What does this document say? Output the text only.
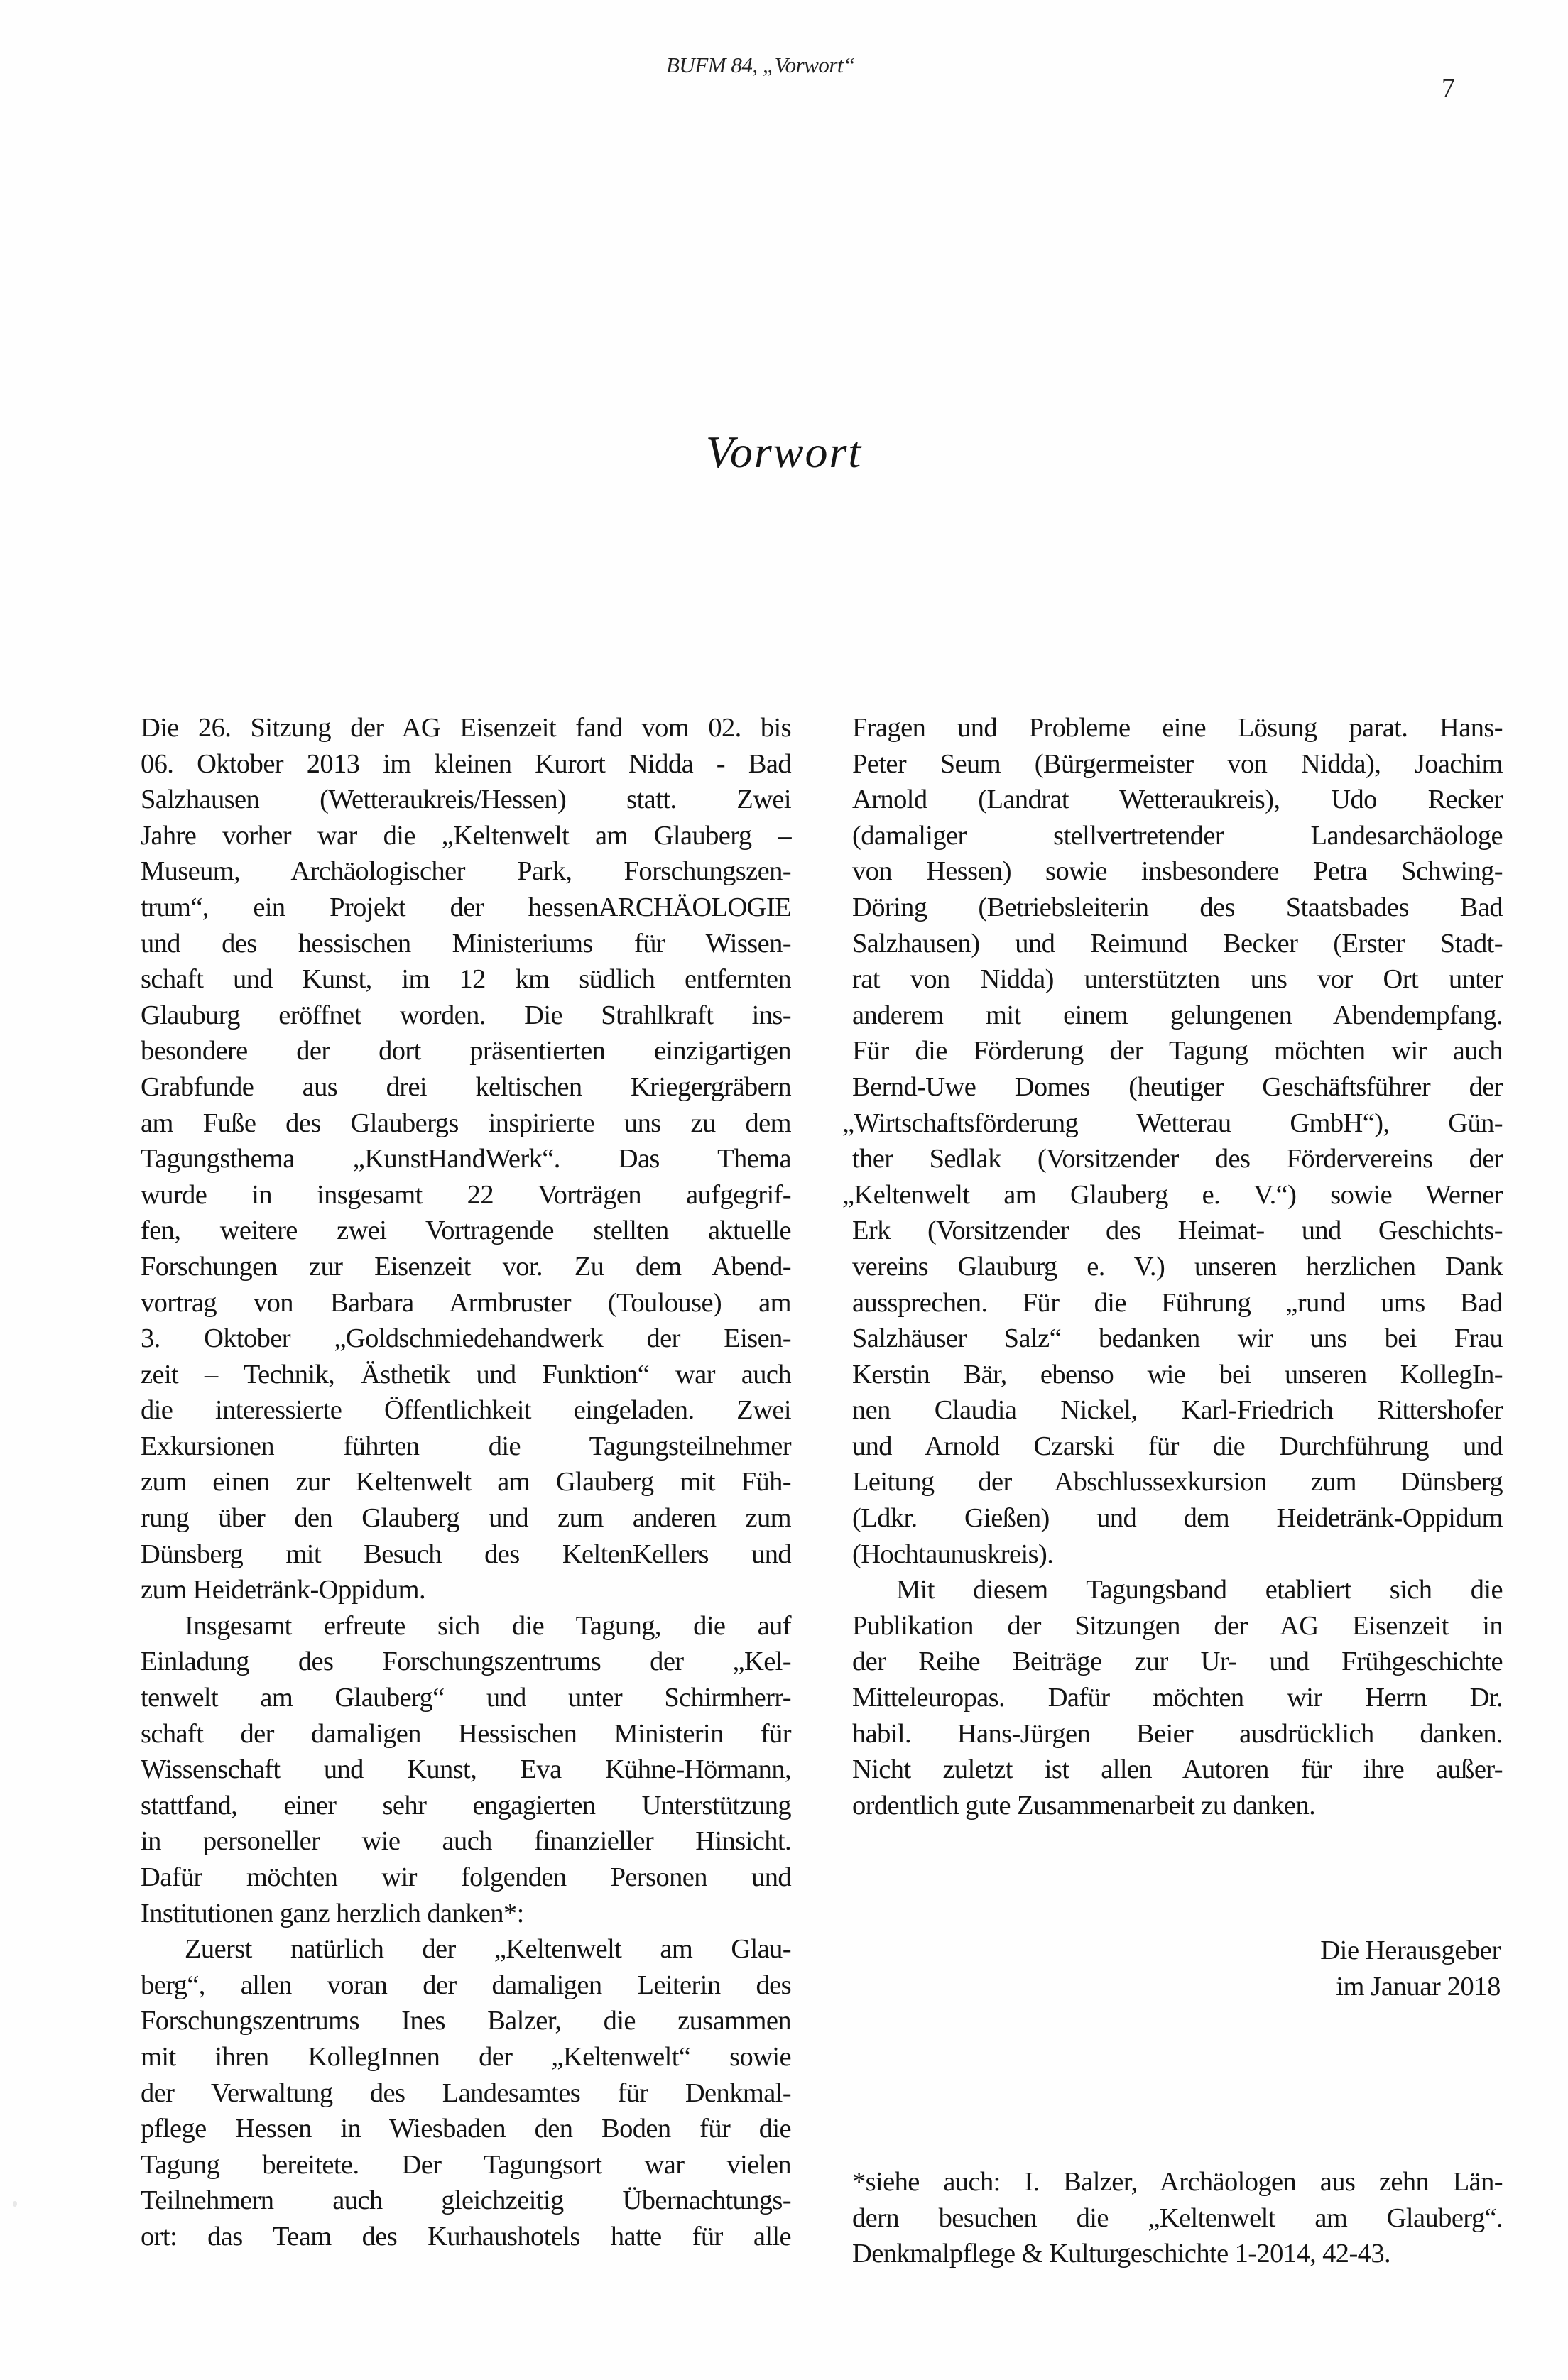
BUFM 84, „Vorwort“
7
Vorwort
Die 26. Sitzung der AG Eisenzeit fand vom 02. bis
06. Oktober 2013 im kleinen Kurort Nidda - Bad
Salzhausen (Wetteraukreis/Hessen) statt. Zwei
Jahre vorher war die „Keltenwelt am Glauberg –
Museum, Archäologischer Park, Forschungszen-
trum“, ein Projekt der hessenARCHÄOLOGIE
und des hessischen Ministeriums für Wissen-
schaft und Kunst, im 12 km südlich entfernten
Glauburg eröffnet worden. Die Strahlkraft ins-
besondere der dort präsentierten einzigartigen
Grabfunde aus drei keltischen Kriegergräbern
am Fuße des Glaubergs inspirierte uns zu dem
Tagungsthema „KunstHandWerk“. Das Thema
wurde in insgesamt 22 Vorträgen aufgegrif-
fen, weitere zwei Vortragende stellten aktuelle
Forschungen zur Eisenzeit vor. Zu dem Abend-
vortrag von Barbara Armbruster (Toulouse) am
3. Oktober „Goldschmiedehandwerk der Eisen-
zeit – Technik, Ästhetik und Funktion“ war auch
die interessierte Öffentlichkeit eingeladen. Zwei
Exkursionen führten die Tagungsteilnehmer
zum einen zur Keltenwelt am Glauberg mit Füh-
rung über den Glauberg und zum anderen zum
Dünsberg mit Besuch des KeltenKellers und
zum Heidetränk-Oppidum.
Insgesamt erfreute sich die Tagung, die auf
Einladung des Forschungszentrums der „Kel-
tenwelt am Glauberg“ und unter Schirmherr-
schaft der damaligen Hessischen Ministerin für
Wissenschaft und Kunst, Eva Kühne-Hörmann,
stattfand, einer sehr engagierten Unterstützung
in personeller wie auch finanzieller Hinsicht.
Dafür möchten wir folgenden Personen und
Institutionen ganz herzlich danken*:
Zuerst natürlich der „Keltenwelt am Glau-
berg“, allen voran der damaligen Leiterin des
Forschungszentrums Ines Balzer, die zusammen
mit ihren KollegInnen der „Keltenwelt“ sowie
der Verwaltung des Landesamtes für Denkmal-
pflege Hessen in Wiesbaden den Boden für die
Tagung bereitete. Der Tagungsort war vielen
Teilnehmern auch gleichzeitig Übernachtungs-
ort: das Team des Kurhaushotels hatte für alle
Fragen und Probleme eine Lösung parat. Hans-
Peter Seum (Bürgermeister von Nidda), Joachim
Arnold (Landrat Wetteraukreis), Udo Recker
(damaliger stellvertretender Landesarchäologe
von Hessen) sowie insbesondere Petra Schwing-
Döring (Betriebsleiterin des Staatsbades Bad
Salzhausen) und Reimund Becker (Erster Stadt-
rat von Nidda) unterstützten uns vor Ort unter
anderem mit einem gelungenen Abendempfang.
Für die Förderung der Tagung möchten wir auch
Bernd-Uwe Domes (heutiger Geschäftsführer der
„Wirtschaftsförderung Wetterau GmbH“), Gün-
ther Sedlak (Vorsitzender des Fördervereins der
„Keltenwelt am Glauberg e. V.“) sowie Werner
Erk (Vorsitzender des Heimat- und Geschichts-
vereins Glauburg e. V.) unseren herzlichen Dank
aussprechen. Für die Führung „rund ums Bad
Salzhäuser Salz“ bedanken wir uns bei Frau
Kerstin Bär, ebenso wie bei unseren KollegIn-
nen Claudia Nickel, Karl-Friedrich Rittershofer
und Arnold Czarski für die Durchführung und
Leitung der Abschlussexkursion zum Dünsberg
(Ldkr. Gießen) und dem Heidetränk-Oppidum
(Hochtaunuskreis).
Mit diesem Tagungsband etabliert sich die
Publikation der Sitzungen der AG Eisenzeit in
der Reihe Beiträge zur Ur- und Frühgeschichte
Mitteleuropas. Dafür möchten wir Herrn Dr.
habil. Hans-Jürgen Beier ausdrücklich danken.
Nicht zuletzt ist allen Autoren für ihre außer-
ordentlich gute Zusammenarbeit zu danken.
Die Herausgeber
im Januar 2018
*siehe auch: I. Balzer, Archäologen aus zehn Län-
dern besuchen die „Keltenwelt am Glauberg“.
Denkmalpflege & Kulturgeschichte 1-2014, 42-43.
